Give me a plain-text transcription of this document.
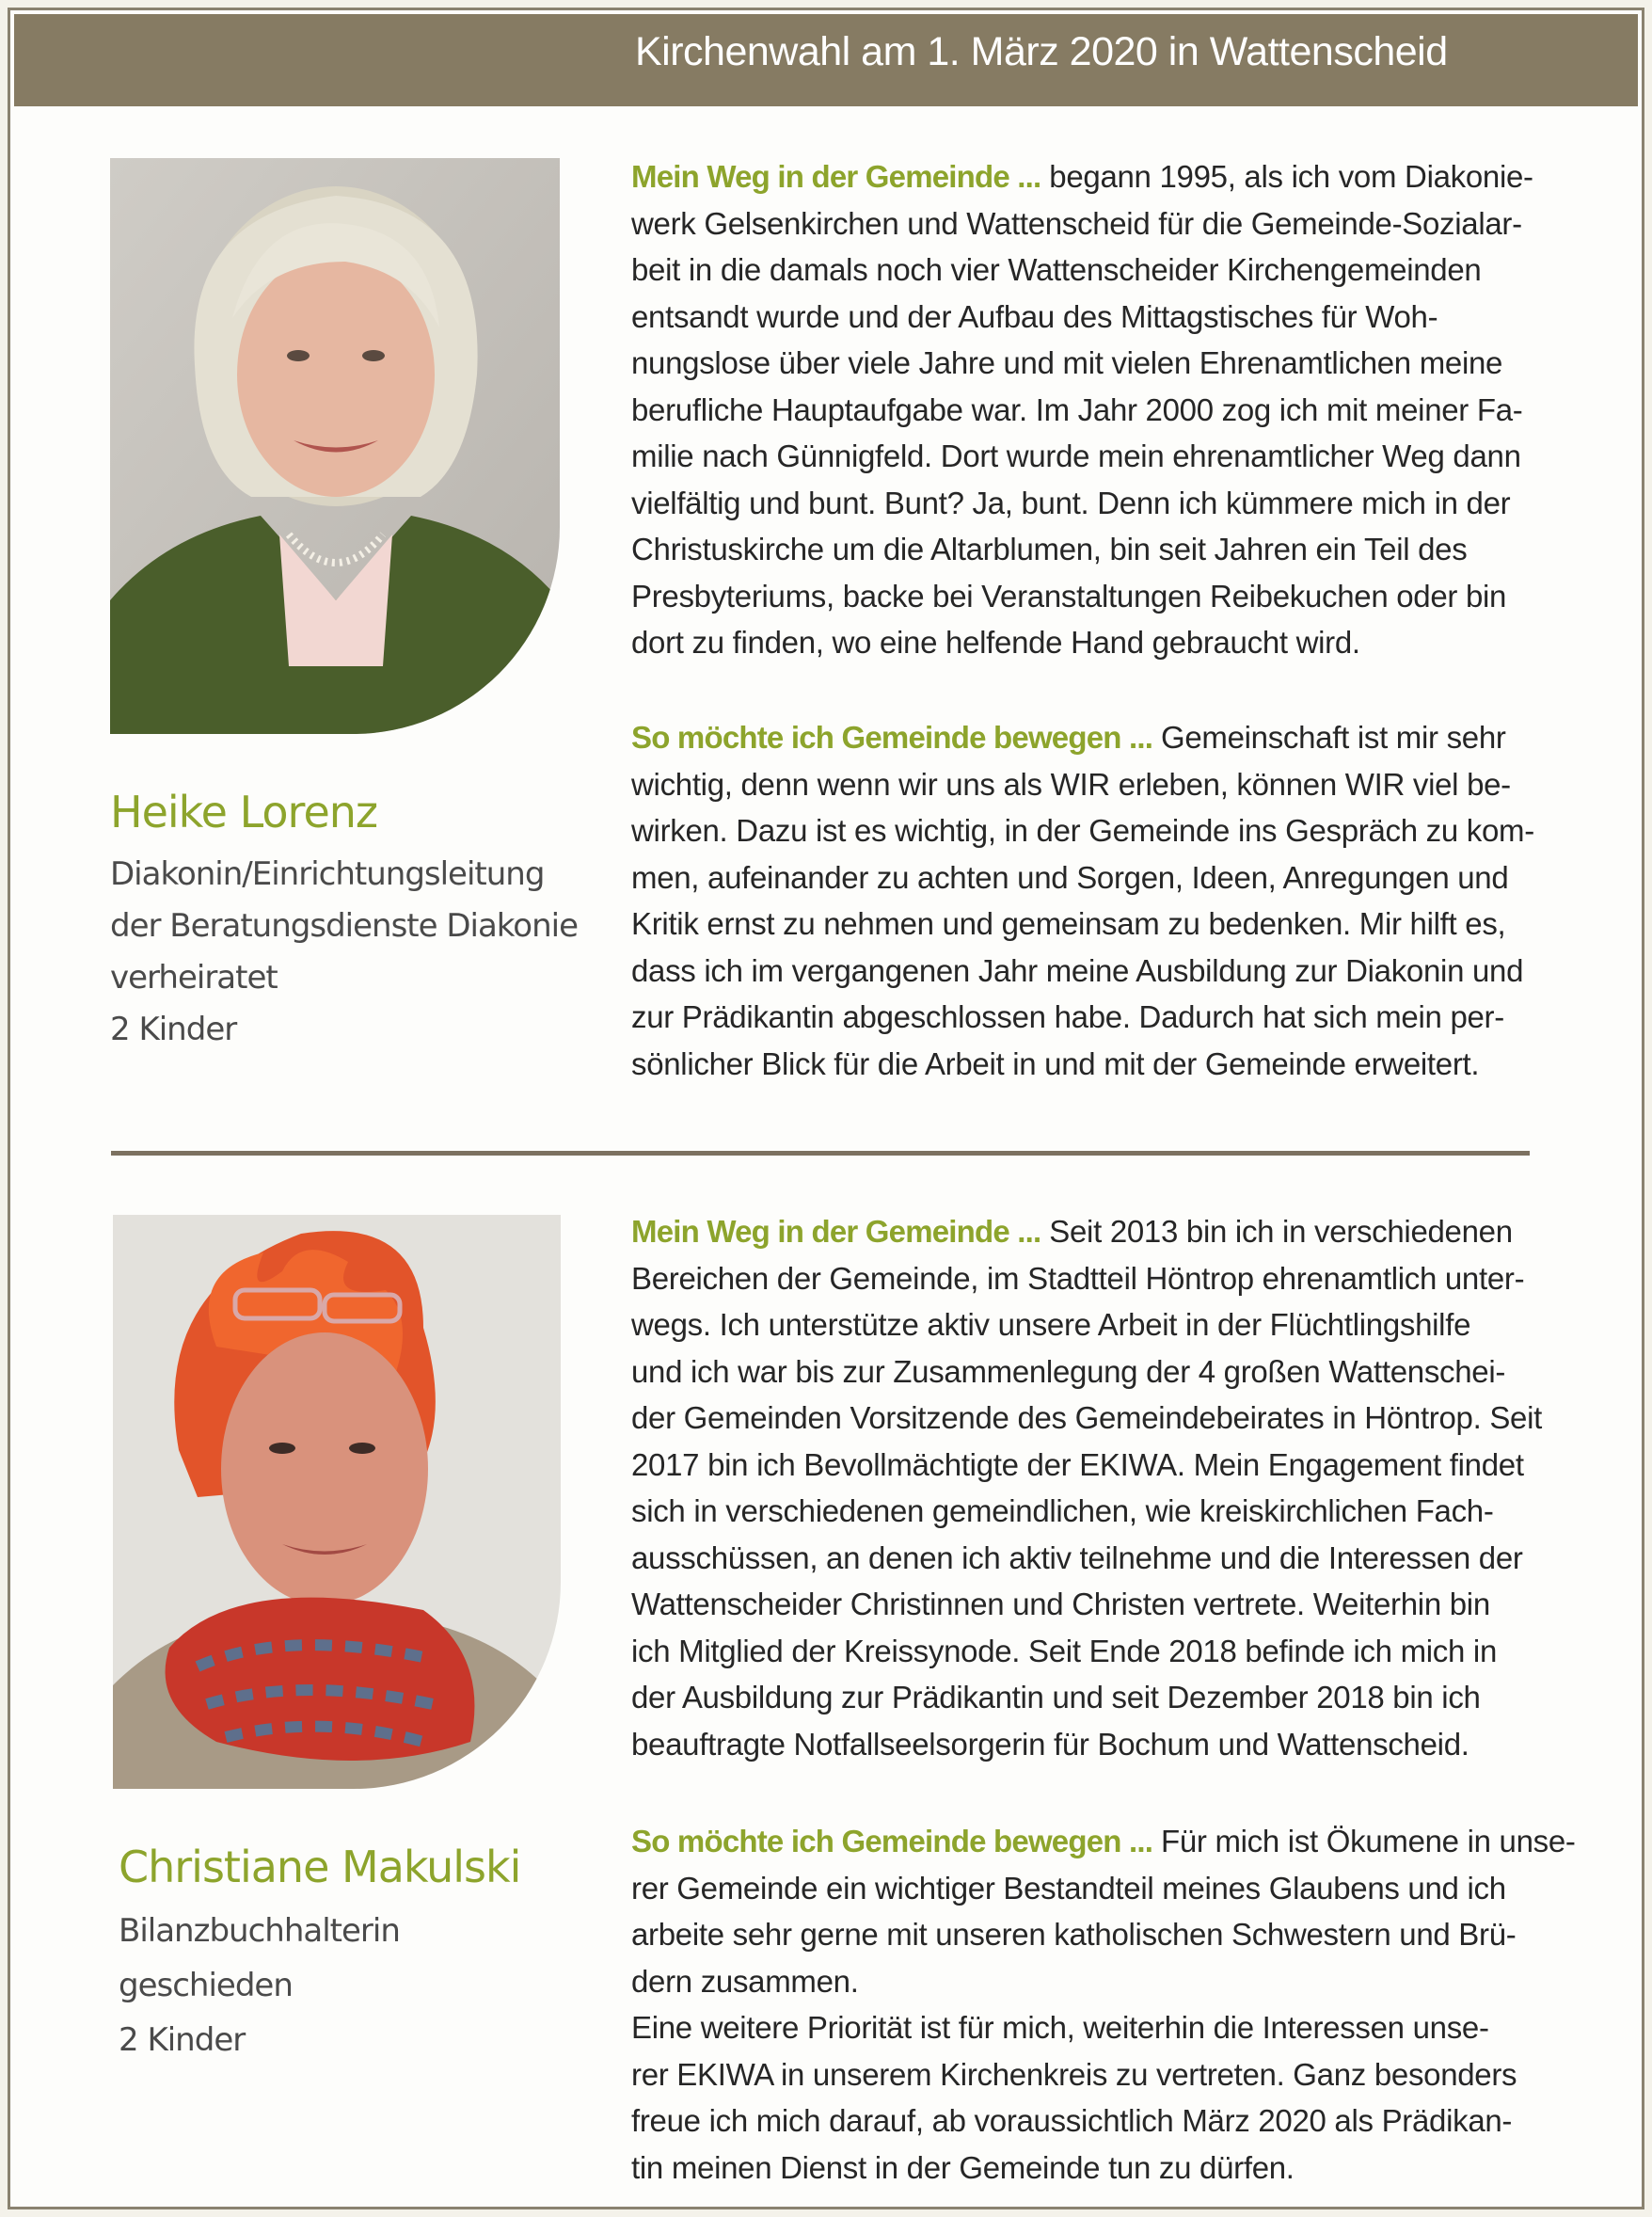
Kirchenwahl am 1. März 2020 in Wattenscheid
Heike Lorenz
Diakonin/Einrichtungsleitung
der Beratungsdienste Diakonie
verheiratet
2 Kinder
Mein Weg in der Gemeinde ... begann 1995, als ich vom Diakonie-
werk Gelsenkirchen und Wattenscheid für die Gemeinde-Sozialar-
beit in die damals noch vier Wattenscheider Kirchengemeinden
entsandt wurde und der Aufbau des Mittagstisches für Woh-
nungslose über viele Jahre und mit vielen Ehrenamtlichen meine
berufliche Hauptaufgabe war. Im Jahr 2000 zog ich mit meiner Fa-
milie nach Günnigfeld. Dort wurde mein ehrenamtlicher Weg dann
vielfältig und bunt. Bunt? Ja, bunt. Denn ich kümmere mich in der
Christuskirche um die Altarblumen, bin seit Jahren ein Teil des
Presbyteriums, backe bei Veranstaltungen Reibekuchen oder bin
dort zu finden, wo eine helfende Hand gebraucht wird.
So möchte ich Gemeinde bewegen ... Gemeinschaft ist mir sehr
wichtig, denn wenn wir uns als WIR erleben, können WIR viel be-
wirken. Dazu ist es wichtig, in der Gemeinde ins Gespräch zu kom-
men, aufeinander zu achten und Sorgen, Ideen, Anregungen und
Kritik ernst zu nehmen und gemeinsam zu bedenken. Mir hilft es,
dass ich im vergangenen Jahr meine Ausbildung zur Diakonin und
zur Prädikantin abgeschlossen habe. Dadurch hat sich mein per-
sönlicher Blick für die Arbeit in und mit der Gemeinde erweitert.
Christiane Makulski
Bilanzbuchhalterin
geschieden
2 Kinder
Mein Weg in der Gemeinde ... Seit 2013 bin ich in verschiedenen
Bereichen der Gemeinde, im Stadtteil Höntrop ehrenamtlich unter-
wegs. Ich unterstütze aktiv unsere Arbeit in der Flüchtlingshilfe
und ich war bis zur Zusammenlegung der 4 großen Wattenschei-
der Gemeinden Vorsitzende des Gemeindebeirates in Höntrop. Seit
2017 bin ich Bevollmächtigte der EKIWA. Mein Engagement findet
sich in verschiedenen gemeindlichen, wie kreiskirchlichen Fach-
ausschüssen, an denen ich aktiv teilnehme und die Interessen der
Wattenscheider Christinnen und Christen vertrete. Weiterhin bin
ich Mitglied der Kreissynode. Seit Ende 2018 befinde ich mich in
der Ausbildung zur Prädikantin und seit Dezember 2018 bin ich
beauftragte Notfallseelsorgerin für Bochum und Wattenscheid.
So möchte ich Gemeinde bewegen ... Für mich ist Ökumene in unse-
rer Gemeinde ein wichtiger Bestandteil meines Glaubens und ich
arbeite sehr gerne mit unseren katholischen Schwestern und Brü-
dern zusammen.
Eine weitere Priorität ist für mich, weiterhin die Interessen unse-
rer EKIWA in unserem Kirchenkreis zu vertreten. Ganz besonders
freue ich mich darauf, ab voraussichtlich März 2020 als Prädikan-
tin meinen Dienst in der Gemeinde tun zu dürfen.
